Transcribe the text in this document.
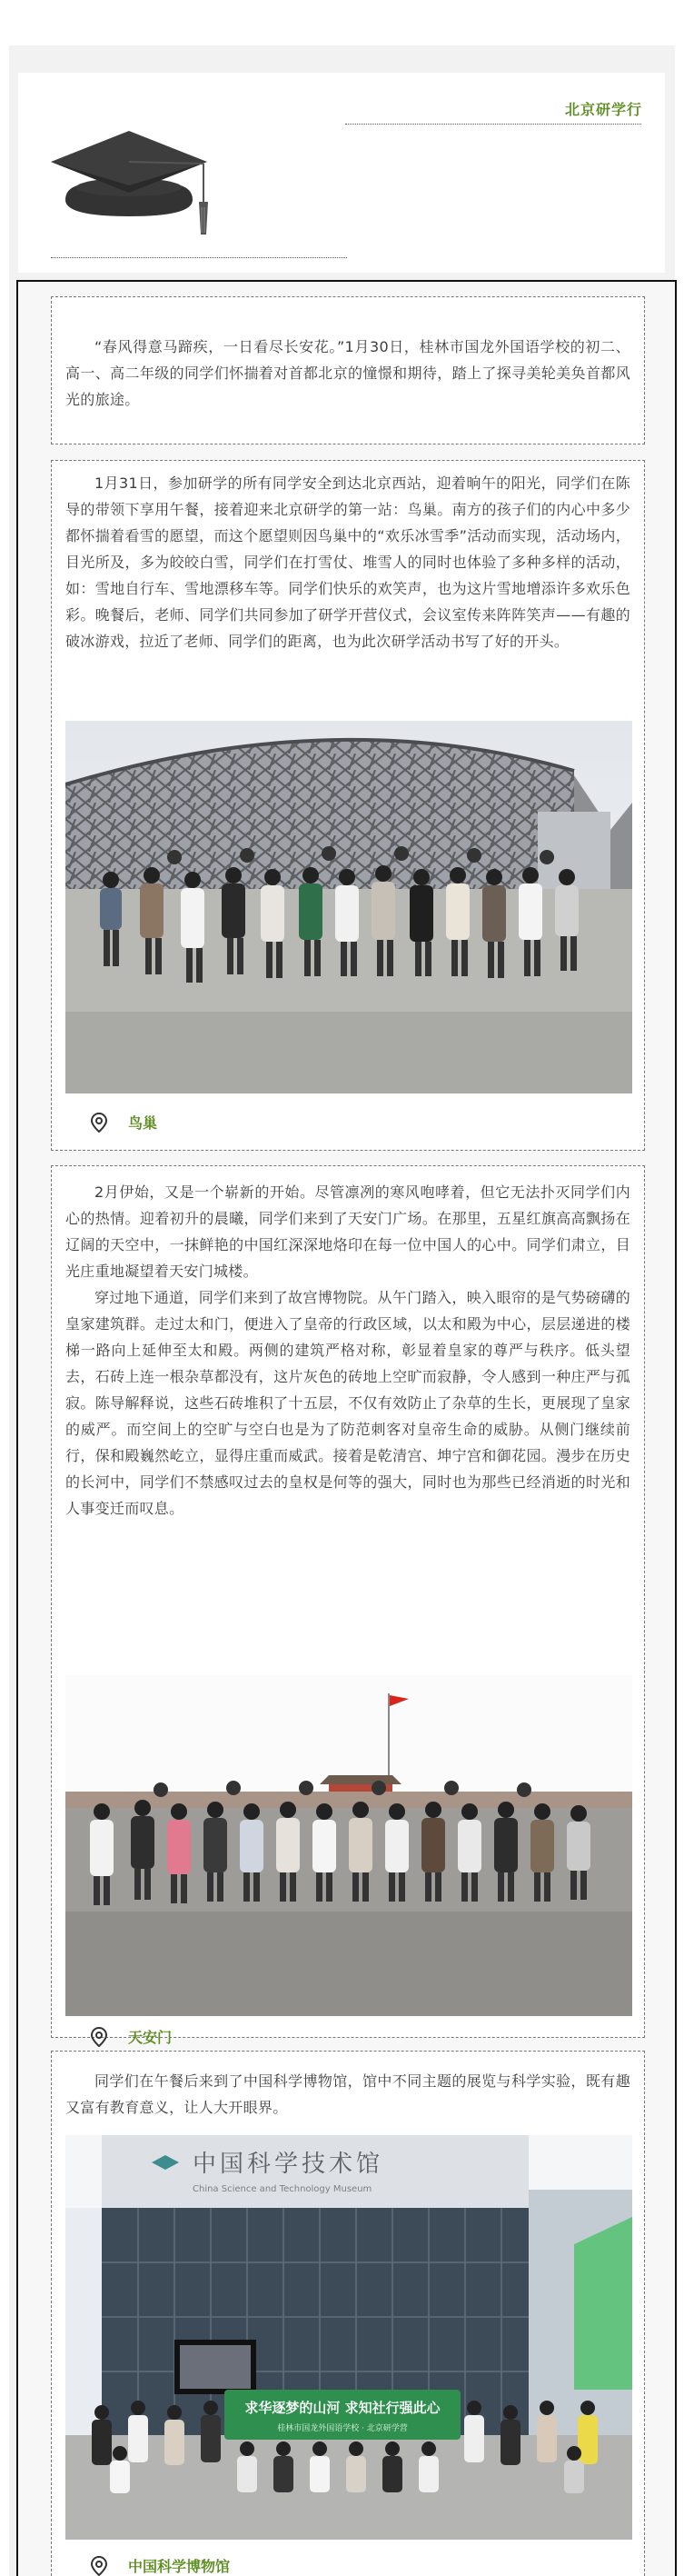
北京研学行

“春风得意马蹄疾，一日看尽长安花。”1月30日，桂林市国龙外国语学校的初二、高一、高二年级的同学们怀揣着对首都北京的憧憬和期待，踏上了探寻美轮美奂首都风光的旅途。

1月31日，参加研学的所有同学安全到达北京西站，迎着晌午的阳光，同学们在陈导的带领下享用午餐，接着迎来北京研学的第一站：鸟巢。南方的孩子们的内心中多少都怀揣着看雪的愿望，而这个愿望则因鸟巢中的“欢乐冰雪季”活动而实现，活动场内，目光所及，多为皎皎白雪，同学们在打雪仗、堆雪人的同时也体验了多种多样的活动，如：雪地自行车、雪地漂移车等。同学们快乐的欢笑声，也为这片雪地增添许多欢乐色彩。晚餐后，老师、同学们共同参加了研学开营仪式，会议室传来阵阵笑声——有趣的破冰游戏，拉近了老师、同学们的距离，也为此次研学活动书写了好的开头。

鸟巢

2月伊始，又是一个崭新的开始。尽管凛冽的寒风咆哮着，但它无法扑灭同学们内心的热情。迎着初升的晨曦，同学们来到了天安门广场。在那里，五星红旗高高飘扬在辽阔的天空中，一抹鲜艳的中国红深深地烙印在每一位中国人的心中。同学们肃立，目光庄重地凝望着天安门城楼。

穿过地下通道，同学们来到了故宫博物院。从午门踏入，映入眼帘的是气势磅礴的皇家建筑群。走过太和门，便进入了皇帝的行政区域，以太和殿为中心，层层递进的楼梯一路向上延伸至太和殿。两侧的建筑严格对称，彰显着皇家的尊严与秩序。低头望去，石砖上连一根杂草都没有，这片灰色的砖地上空旷而寂静，令人感到一种庄严与孤寂。陈导解释说，这些石砖堆积了十五层，不仅有效防止了杂草的生长，更展现了皇家的威严。而空间上的空旷与空白也是为了防范刺客对皇帝生命的威胁。从侧门继续前行，保和殿巍然屹立，显得庄重而威武。接着是乾清宫、坤宁宫和御花园。漫步在历史的长河中，同学们不禁感叹过去的皇权是何等的强大，同时也为那些已经消逝的时光和人事变迁而叹息。

天安门

同学们在午餐后来到了中国科学博物馆，馆中不同主题的展览与科学实验，既有趣又富有教育意义，让人大开眼界。

中国科学技术馆
China Science and Technology Museum
求华逐梦的山河 求知社行强此心
桂林市国龙外国语学校 · 北京研学营
中国科学博物馆
